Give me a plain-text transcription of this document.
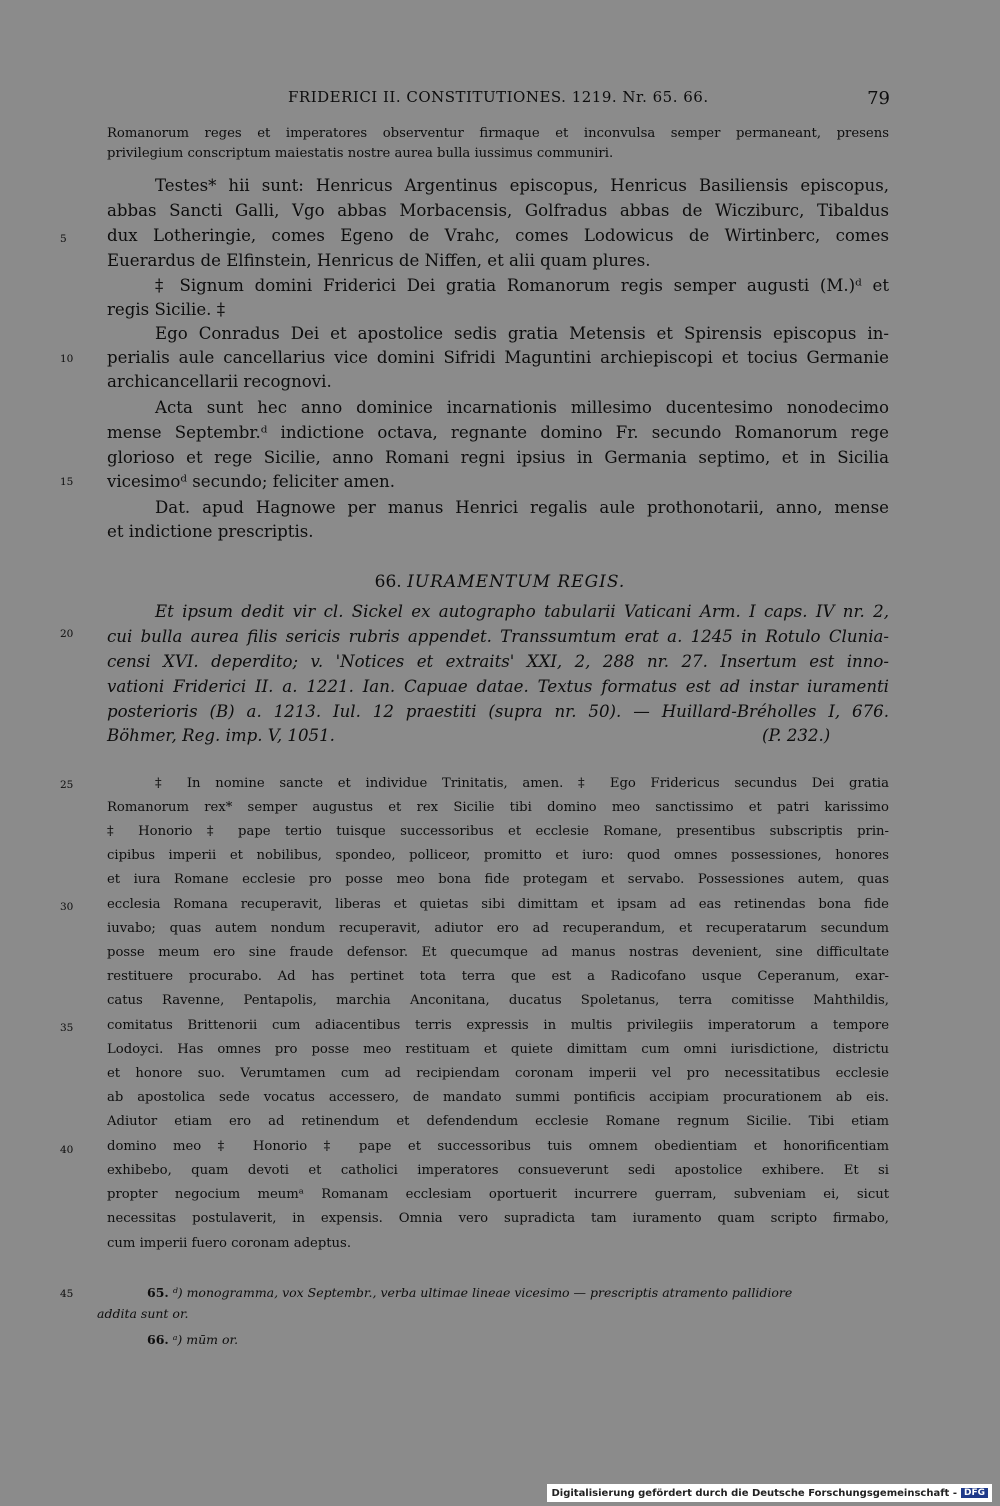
FRIDERICI II. CONSTITUTIONES. 1219. Nr. 65. 66.	79
Romanorum reges et imperatores observentur firmaque et inconvulsa semper permaneant, presens
privilegium conscriptum maiestatis nostre aurea bulla iussimus communiri.
Testes* hii sunt: Henricus Argentinus episcopus, Henricus Basiliensis episcopus,
abbas Sancti Galli, Vgo abbas Morbacensis, Golfradus abbas de Wicziburc, Tibaldus
dux Lotheringie, comes Egeno de Vrahc, comes Lodowicus de Wirtinberc, comes
Euerardus de Elfinstein, Henricus de Niffen, et alii quam plures.
‡ Signum domini Friderici Dei gratia Romanorum regis semper augusti (M.)ᵈ et
regis Sicilie. ‡
Ego Conradus Dei et apostolice sedis gratia Metensis et Spirensis episcopus in-
perialis aule cancellarius vice domini Sifridi Maguntini archiepiscopi et tocius Germanie
archicancellarii recognovi.
Acta sunt hec anno dominice incarnationis millesimo ducentesimo nonodecimo
mense Septembr.ᵈ indictione octava, regnante domino Fr. secundo Romanorum rege
glorioso et rege Sicilie, anno Romani regni ipsius in Germania septimo, et in Sicilia
vicesimoᵈ secundo; feliciter amen.
Dat. apud Hagnowe per manus Henrici regalis aule prothonotarii, anno, mense
et indictione prescriptis.
5
10
15
66. IURAMENTUM REGIS.
Et ipsum dedit vir cl. Sickel ex autographo tabularii Vaticani Arm. I caps. IV nr. 2,
cui bulla aurea filis sericis rubris appendet. Transsumtum erat a. 1245 in Rotulo Clunia-
censi XVI. deperdito; v. 'Notices et extraits' XXI, 2, 288 nr. 27. Insertum est inno-
vationi Friderici II. a. 1221. Ian. Capuae datae. Textus formatus est ad instar iuramenti
posterioris (B) a. 1213. Iul. 12 praestiti (supra nr. 50). — Huillard-Bréholles I, 676.
Böhmer, Reg. imp. V, 1051.	(P. 232.)
‡ In nomine sancte et individue Trinitatis, amen. ‡ Ego Fridericus secundus Dei gratia
Romanorum rex* semper augustus et rex Sicilie tibi domino meo sanctissimo et patri karissimo
‡ Honorio ‡ pape tertio tuisque successoribus et ecclesie Romane, presentibus subscriptis prin-
cipibus imperii et nobilibus, spondeo, polliceor, promitto et iuro: quod omnes possessiones, honores
et iura Romane ecclesie pro posse meo bona fide protegam et servabo. Possessiones autem, quas
ecclesia Romana recuperavit, liberas et quietas sibi dimittam et ipsam ad eas retinendas bona fide
iuvabo; quas autem nondum recuperavit, adiutor ero ad recuperandum, et recuperatarum secundum
posse meum ero sine fraude defensor. Et quecumque ad manus nostras devenient, sine difficultate
restituere procurabo. Ad has pertinet tota terra que est a Radicofano usque Ceperanum, exar-
catus Ravenne, Pentapolis, marchia Anconitana, ducatus Spoletanus, terra comitisse Mahthildis,
comitatus Brittenorii cum adiacentibus terris expressis in multis privilegiis imperatorum a tempore
Lodoyci. Has omnes pro posse meo restituam et quiete dimittam cum omni iurisdictione, districtu
et honore suo. Verumtamen cum ad recipiendam coronam imperii vel pro necessitatibus ecclesie
ab apostolica sede vocatus accessero, de mandato summi pontificis accipiam procurationem ab eis.
Adiutor etiam ero ad retinendum et defendendum ecclesie Romane regnum Sicilie. Tibi etiam
domino meo ‡ Honorio ‡ pape et successoribus tuis omnem obedientiam et honorificentiam
exhibebo, quam devoti et catholici imperatores consueverunt sedi apostolice exhibere. Et si
propter negocium meumᵃ Romanam ecclesiam oportuerit incurrere guerram, subveniam ei, sicut
necessitas postulaverit, in expensis. Omnia vero supradicta tam iuramento quam scripto firmabo,
cum imperii fuero coronam adeptus.
20
25
30
35
40
45	65. ᵈ) monogramma, vox Septembr., verba ultimae lineae vicesimo — prescriptis atramento pallidiore
addita sunt or.
66. ᵃ) mūm or.
Digitalisierung gefördert durch die Deutsche Forschungsgemeinschaft - DFG
